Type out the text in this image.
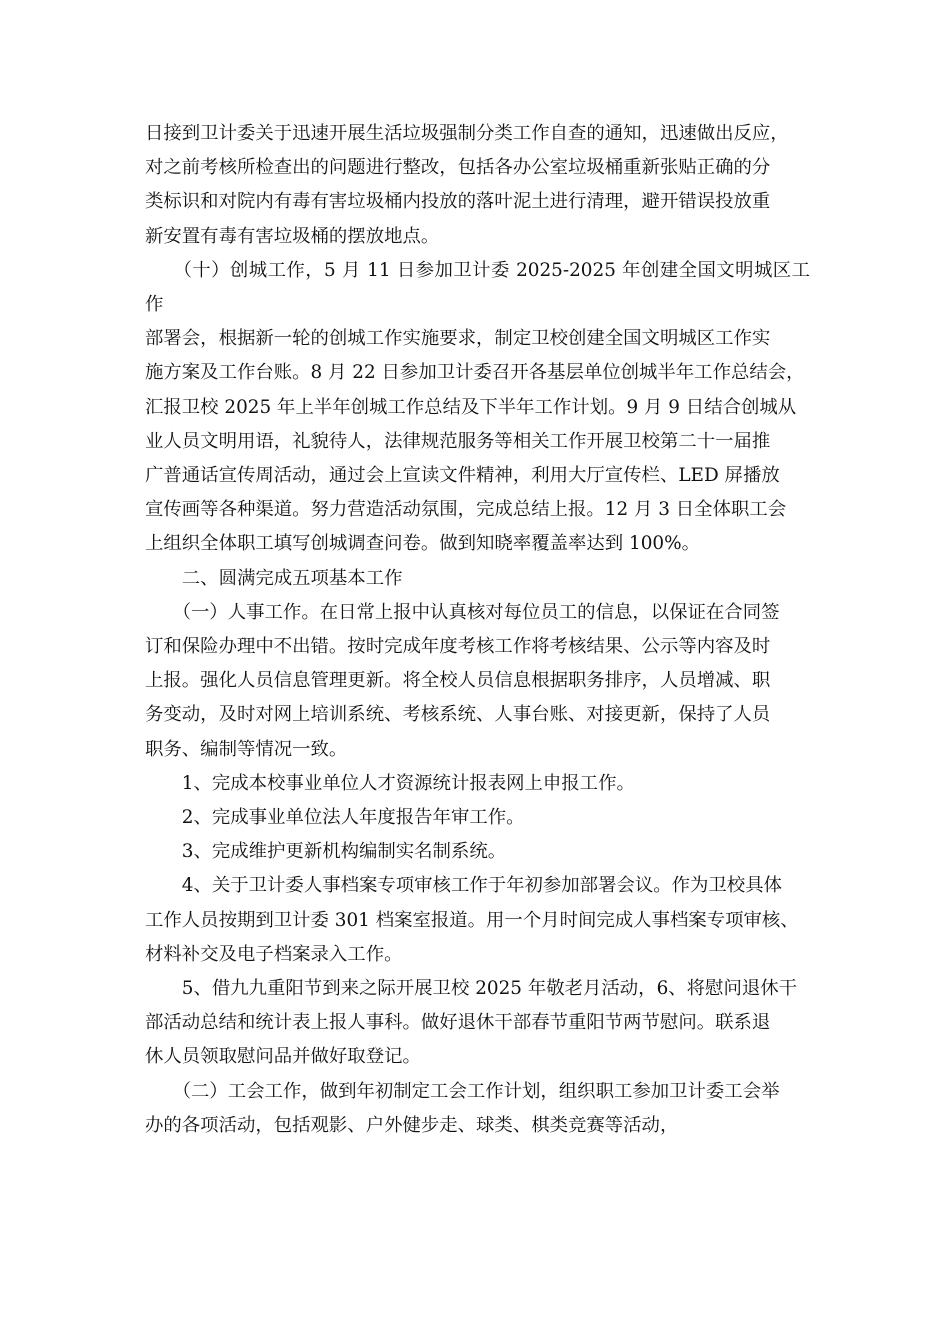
日接到卫计委关于迅速开展生活垃圾强制分类工作自查的通知，迅速做出反应，
对之前考核所检查出的问题进行整改，包括各办公室垃圾桶重新张贴正确的分
类标识和对院内有毒有害垃圾桶内投放的落叶泥土进行清理，避开错误投放重
新安置有毒有害垃圾桶的摆放地点。

　　（十）创城工作，5 月 11 日参加卫计委 2025-2025 年创建全国文明城区工作
部署会，根据新一轮的创城工作实施要求，制定卫校创建全国文明城区工作实
施方案及工作台账。8 月 22 日参加卫计委召开各基层单位创城半年工作总结会，
汇报卫校 2025 年上半年创城工作总结及下半年工作计划。9 月 9 日结合创城从
业人员文明用语，礼貌待人，法律规范服务等相关工作开展卫校第二十一届推
广普通话宣传周活动，通过会上宣读文件精神，利用大厅宣传栏、LED 屏播放
宣传画等各种渠道。努力营造活动氛围，完成总结上报。12 月 3 日全体职工会
上组织全体职工填写创城调查问卷。做到知晓率覆盖率达到 100%。

　　二、圆满完成五项基本工作

　　（一）人事工作。在日常上报中认真核对每位员工的信息，以保证在合同签
订和保险办理中不出错。按时完成年度考核工作将考核结果、公示等内容及时
上报。强化人员信息管理更新。将全校人员信息根据职务排序，人员增减、职
务变动，及时对网上培训系统、考核系统、人事台账、对接更新，保持了人员
职务、编制等情况一致。

　　1、完成本校事业单位人才资源统计报表网上申报工作。

　　2、完成事业单位法人年度报告年审工作。

　　3、完成维护更新机构编制实名制系统。

　　4、关于卫计委人事档案专项审核工作于年初参加部署会议。作为卫校具体
工作人员按期到卫计委 301 档案室报道。用一个月时间完成人事档案专项审核、
材料补交及电子档案录入工作。

　　5、借九九重阳节到来之际开展卫校 2025 年敬老月活动，6、将慰问退休干
部活动总结和统计表上报人事科。做好退休干部春节重阳节两节慰问。联系退
休人员领取慰问品并做好取登记。

　　（二）工会工作，做到年初制定工会工作计划，组织职工参加卫计委工会举
办的各项活动，包括观影、户外健步走、球类、棋类竞赛等活动，
